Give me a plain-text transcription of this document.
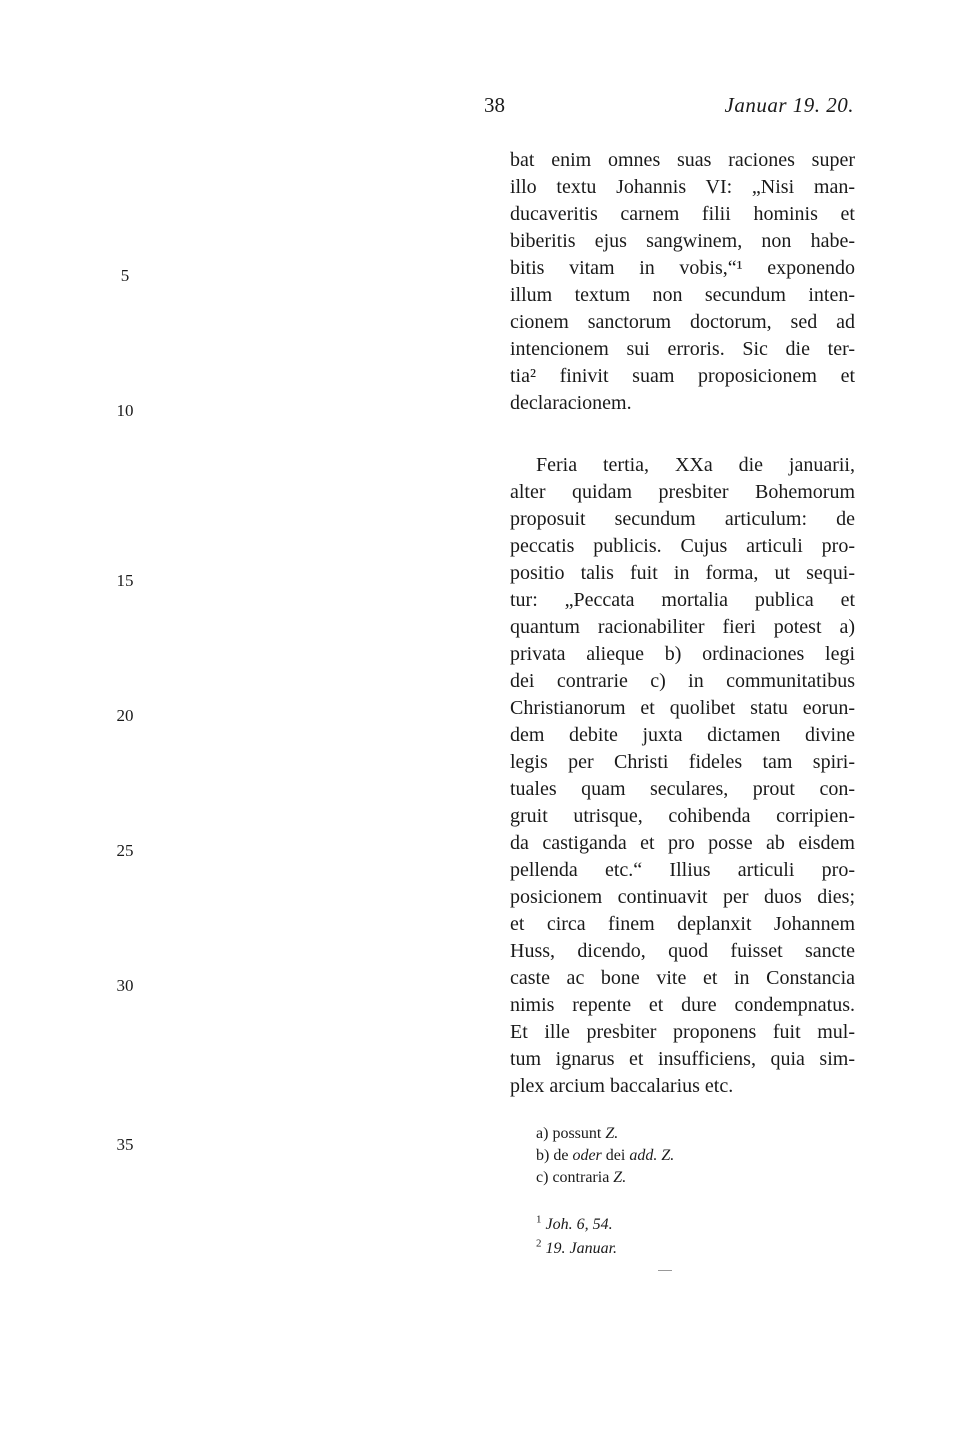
38	Januar 19. 20.
5
10
15
20
25
30
35
bat enim omnes suas raciones super
illo textu Johannis VI: „Nisi man-
ducaveritis carnem filii hominis et
biberitis ejus sangwinem, non habe-
bitis vitam in vobis,“¹ exponendo
illum textum non secundum inten-
cionem sanctorum doctorum, sed ad
intencionem sui erroris. Sic die ter-
tia² finivit suam proposicionem et
declaracionem.
Feria tertia, XXa die januarii,
alter quidam presbiter Bohemorum
proposuit secundum articulum: de
peccatis publicis. Cujus articuli pro-
positio talis fuit in forma, ut sequi-
tur: „Peccata mortalia publica et
quantum racionabiliter fieri potest a)
privata alieque b) ordinaciones legi
dei contrarie c) in communitatibus
Christianorum et quolibet statu eorun-
dem debite juxta dictamen divine
legis per Christi fideles tam spiri-
tuales quam seculares, prout con-
gruit utrisque, cohibenda corripien-
da castiganda et pro posse ab eisdem
pellenda etc.“ Illius articuli pro-
posicionem continuavit per duos dies;
et circa finem deplanxit Johannem
Huss, dicendo, quod fuisset sancte
caste ac bone vite et in Constancia
nimis repente et dure condempnatus.
Et ille presbiter proponens fuit mul-
tum ignarus et insufficiens, quia sim-
plex arcium baccalarius etc.
a) possunt Z.
b) de oder dei add. Z.
c) contraria Z.
$^1$ Joh. 6, 54.
$^2$ 19. Januar.
